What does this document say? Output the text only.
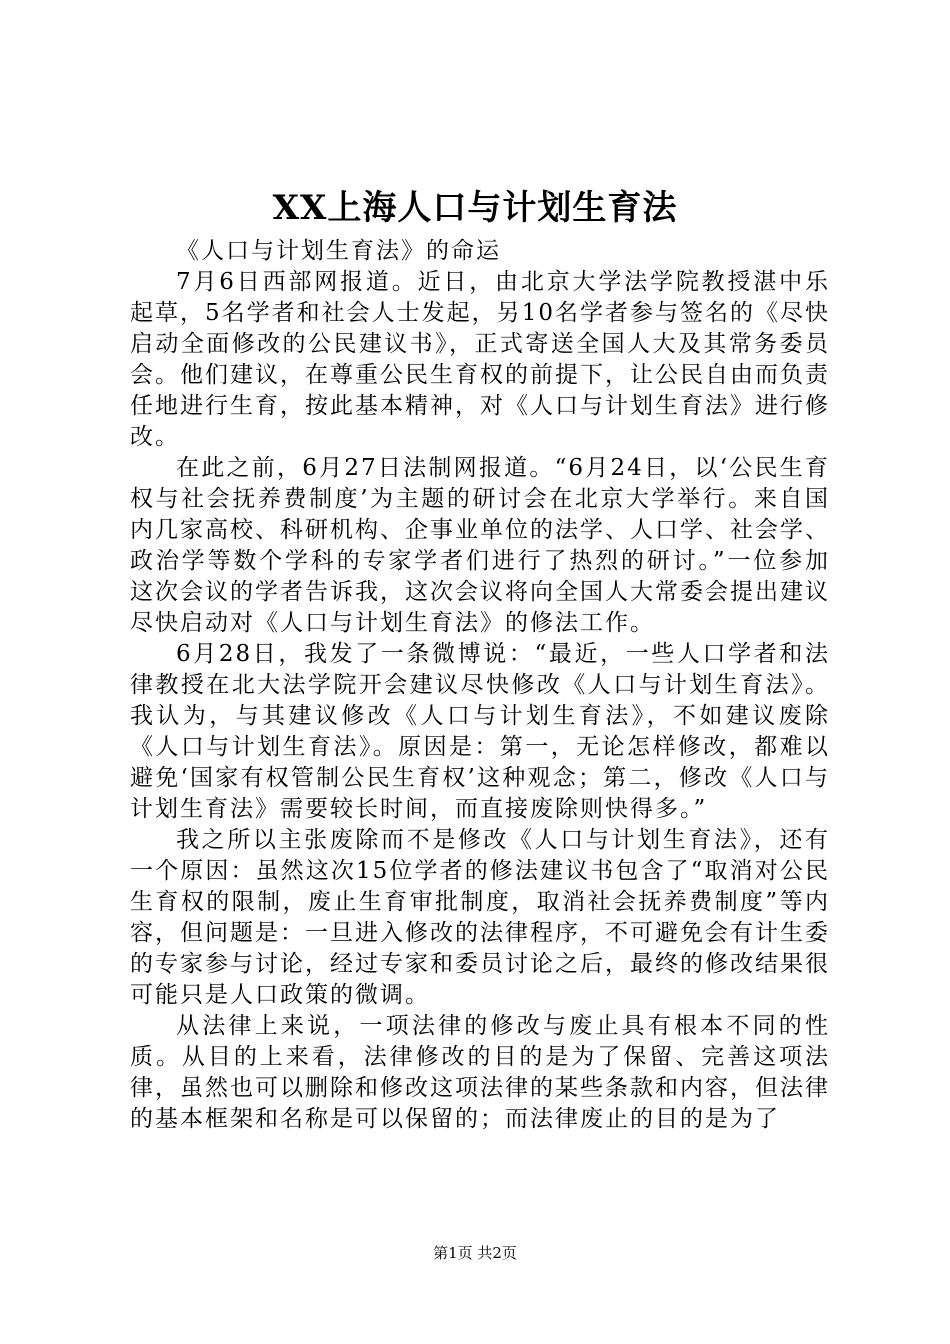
XX上海人口与计划生育法

《人口与计划生育法》的命运

7月6日西部网报道。近日，由北京大学法学院教授湛中乐起草，5名学者和社会人士发起，另10名学者参与签名的《尽快启动全面修改的公民建议书》，正式寄送全国人大及其常务委员会。他们建议，在尊重公民生育权的前提下，让公民自由而负责任地进行生育，按此基本精神，对《人口与计划生育法》进行修改。

在此之前，6月27日法制网报道。“6月24日，以‘公民生育权与社会抚养费制度’为主题的研讨会在北京大学举行。来自国内几家高校、科研机构、企事业单位的法学、人口学、社会学、政治学等数个学科的专家学者们进行了热烈的研讨。”一位参加这次会议的学者告诉我，这次会议将向全国人大常委会提出建议尽快启动对《人口与计划生育法》的修法工作。

6月28日，我发了一条微博说：“最近，一些人口学者和法律教授在北大法学院开会建议尽快修改《人口与计划生育法》。我认为，与其建议修改《人口与计划生育法》，不如建议废除《人口与计划生育法》。原因是：第一，无论怎样修改，都难以避免‘国家有权管制公民生育权’这种观念；第二，修改《人口与计划生育法》需要较长时间，而直接废除则快得多。”

我之所以主张废除而不是修改《人口与计划生育法》，还有一个原因：虽然这次15位学者的修法建议书包含了“取消对公民生育权的限制，废止生育审批制度，取消社会抚养费制度”等内容，但问题是：一旦进入修改的法律程序，不可避免会有计生委的专家参与讨论，经过专家和委员讨论之后，最终的修改结果很可能只是人口政策的微调。

从法律上来说，一项法律的修改与废止具有根本不同的性质。从目的上来看，法律修改的目的是为了保留、完善这项法律，虽然也可以删除和修改这项法律的某些条款和内容，但法律的基本框架和名称是可以保留的；而法律废止的目的是为了

第1页 共2页
